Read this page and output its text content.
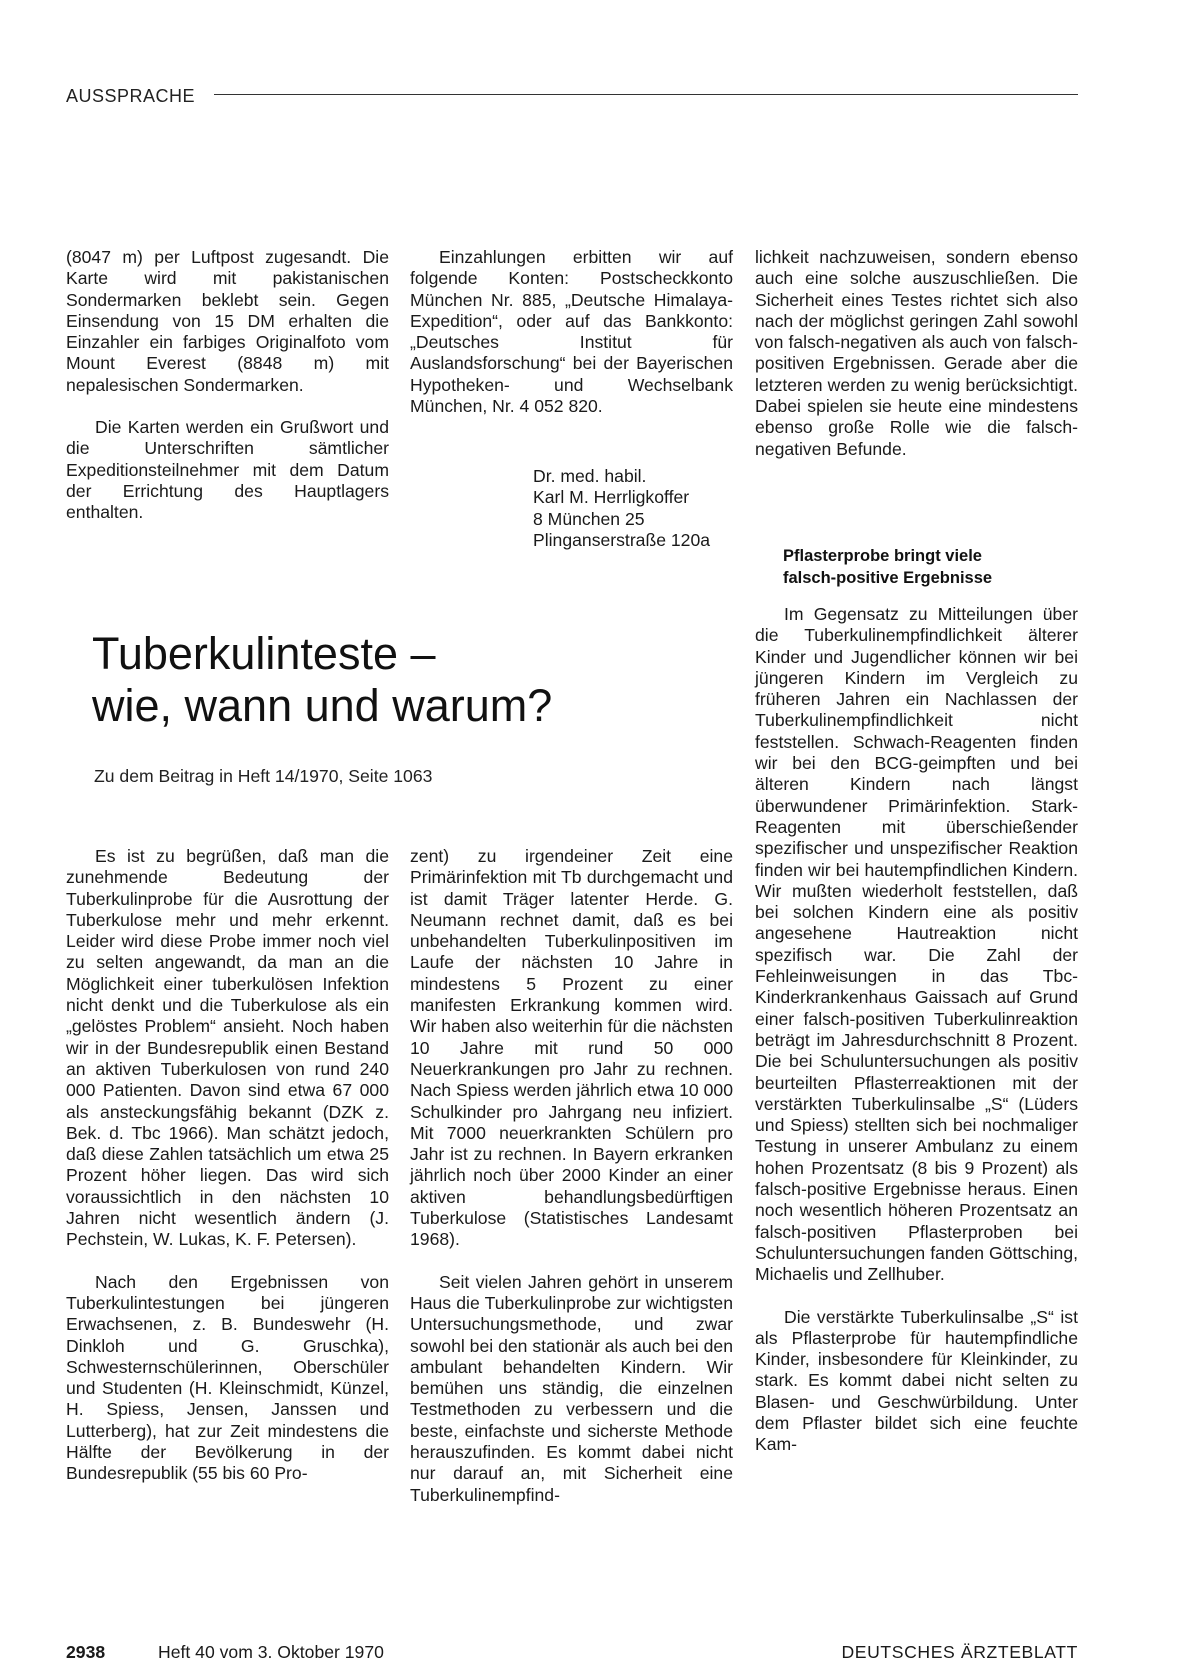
AUSSPRACHE

(8047 m) per Luftpost zugesandt. Die Karte wird mit pakistanischen Sondermarken beklebt sein. Gegen Einsendung von 15 DM erhalten die Einzahler ein farbiges Originalfoto vom Mount Everest (8848 m) mit nepalesischen Sondermarken.

Die Karten werden ein Grußwort und die Unterschriften sämtlicher Expeditionsteilnehmer mit dem Datum der Errichtung des Hauptlagers enthalten.

Einzahlungen erbitten wir auf folgende Konten: Postscheckkonto München Nr. 885, „Deutsche Himalaya-Expedition“, oder auf das Bankkonto: „Deutsches Institut für Auslandsforschung“ bei der Bayerischen Hypotheken- und Wechselbank München, Nr. 4 052 820.

Dr. med. habil.
Karl M. Herrligkoffer
8 München 25
Plinganserstraße 120a
Tuberkulinteste –
wie, wann und warum?
Zu dem Beitrag in Heft 14/1970, Seite 1063

Es ist zu begrüßen, daß man die zunehmende Bedeutung der Tuberkulinprobe für die Ausrottung der Tuberkulose mehr und mehr erkennt. Leider wird diese Probe immer noch viel zu selten angewandt, da man an die Möglichkeit einer tuberkulösen Infektion nicht denkt und die Tuberkulose als ein „gelöstes Problem“ ansieht. Noch haben wir in der Bundesrepublik einen Bestand an aktiven Tuberkulosen von rund 240 000 Patienten. Davon sind etwa 67 000 als ansteckungsfähig bekannt (DZK z. Bek. d. Tbc 1966). Man schätzt jedoch, daß diese Zahlen tatsächlich um etwa 25 Prozent höher liegen. Das wird sich voraussichtlich in den nächsten 10 Jahren nicht wesentlich ändern (J. Pechstein, W. Lukas, K. F. Petersen).

Nach den Ergebnissen von Tuberkulintestungen bei jüngeren Erwachsenen, z. B. Bundeswehr (H. Dinkloh und G. Gruschka), Schwesternschülerinnen, Oberschüler und Studenten (H. Kleinschmidt, Künzel, H. Spiess, Jensen, Janssen und Lutterberg), hat zur Zeit mindestens die Hälfte der Bevölkerung in der Bundesrepublik (55 bis 60 Pro-

zent) zu irgendeiner Zeit eine Primärinfektion mit Tb durchgemacht und ist damit Träger latenter Herde. G. Neumann rechnet damit, daß es bei unbehandelten Tuberkulinpositiven im Laufe der nächsten 10 Jahre in mindestens 5 Prozent zu einer manifesten Erkrankung kommen wird. Wir haben also weiterhin für die nächsten 10 Jahre mit rund 50 000 Neuerkrankungen pro Jahr zu rechnen. Nach Spiess werden jährlich etwa 10 000 Schulkinder pro Jahrgang neu infiziert. Mit 7000 neuerkrankten Schülern pro Jahr ist zu rechnen. In Bayern erkranken jährlich noch über 2000 Kinder an einer aktiven behandlungsbedürftigen Tuberkulose (Statistisches Landesamt 1968).

Seit vielen Jahren gehört in unserem Haus die Tuberkulinprobe zur wichtigsten Untersuchungsmethode, und zwar sowohl bei den stationär als auch bei den ambulant behandelten Kindern. Wir bemühen uns ständig, die einzelnen Testmethoden zu verbessern und die beste, einfachste und sicherste Methode herauszufinden. Es kommt dabei nicht nur darauf an, mit Sicherheit eine Tuberkulinempfind-

lichkeit nachzuweisen, sondern ebenso auch eine solche auszuschließen. Die Sicherheit eines Testes richtet sich also nach der möglichst geringen Zahl sowohl von falsch-negativen als auch von falsch-positiven Ergebnissen. Gerade aber die letzteren werden zu wenig berücksichtigt. Dabei spielen sie heute eine mindestens ebenso große Rolle wie die falsch-negativen Befunde.

Pflasterprobe bringt viele
falsch-positive Ergebnisse

Im Gegensatz zu Mitteilungen über die Tuberkulinempfindlichkeit älterer Kinder und Jugendlicher können wir bei jüngeren Kindern im Vergleich zu früheren Jahren ein Nachlassen der Tuberkulinempfindlichkeit nicht feststellen. Schwach-Reagenten finden wir bei den BCG-geimpften und bei älteren Kindern nach längst überwundener Primärinfektion. Stark-Reagenten mit überschießender spezifischer und unspezifischer Reaktion finden wir bei hautempfindlichen Kindern. Wir mußten wiederholt feststellen, daß bei solchen Kindern eine als positiv angesehene Hautreaktion nicht spezifisch war. Die Zahl der Fehleinweisungen in das Tbc-Kinderkrankenhaus Gaissach auf Grund einer falsch-positiven Tuberkulinreaktion beträgt im Jahresdurchschnitt 8 Prozent. Die bei Schuluntersuchungen als positiv beurteilten Pflasterreaktionen mit der verstärkten Tuberkulinsalbe „S“ (Lüders und Spiess) stellten sich bei nochmaliger Testung in unserer Ambulanz zu einem hohen Prozentsatz (8 bis 9 Prozent) als falsch-positive Ergebnisse heraus. Einen noch wesentlich höheren Prozentsatz an falsch-positiven Pflasterproben bei Schuluntersuchungen fanden Göttsching, Michaelis und Zellhuber.

Die verstärkte Tuberkulinsalbe „S“ ist als Pflasterprobe für hautempfindliche Kinder, insbesondere für Kleinkinder, zu stark. Es kommt dabei nicht selten zu Blasen- und Geschwürbildung. Unter dem Pflaster bildet sich eine feuchte Kam-

2938	Heft 40 vom 3. Oktober 1970	DEUTSCHES ÄRZTEBLATT
